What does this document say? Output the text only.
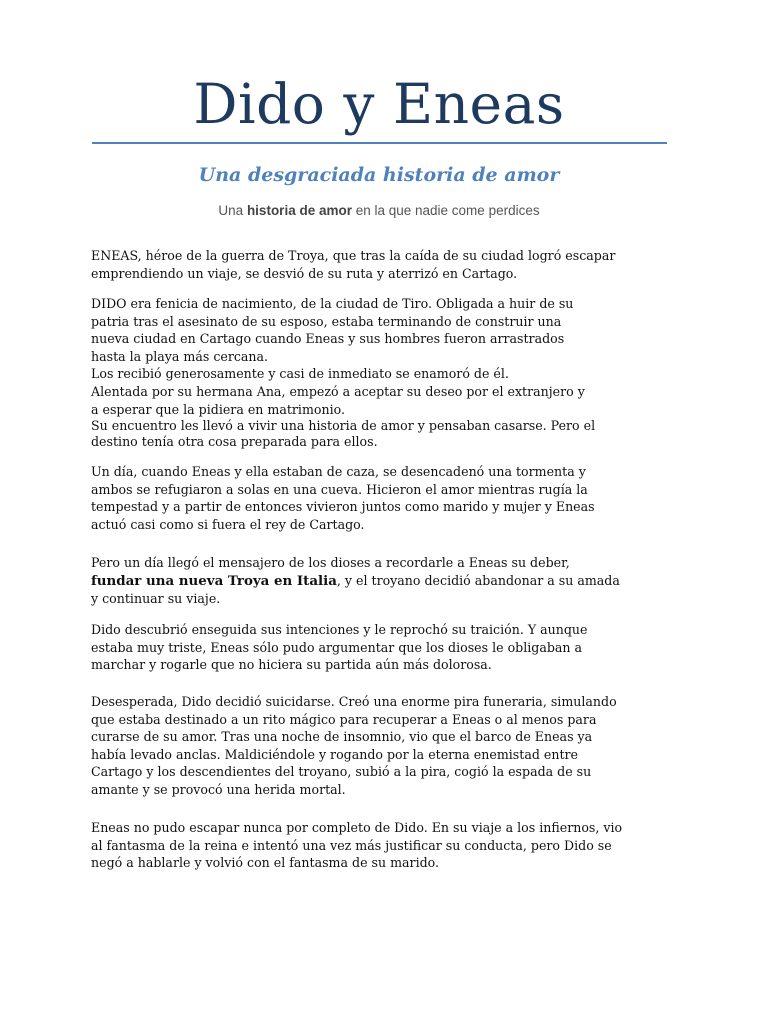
Dido y Eneas
Una desgraciada historia de amor
Una historia de amor en la que nadie come perdices
ENEAS, héroe de la guerra de Troya, que tras la caída de su ciudad logró escapar
emprendiendo un viaje, se desvió de su ruta y aterrizó en Cartago.
DIDO era fenicia de nacimiento, de la ciudad de Tiro. Obligada a huir de su
patria tras el asesinato de su esposo, estaba terminando de construir una
nueva ciudad en Cartago cuando Eneas y sus hombres fueron arrastrados
hasta la playa más cercana.
Los recibió generosamente y casi de inmediato se enamoró de él.
Alentada por su hermana Ana, empezó a aceptar su deseo por el extranjero y
a esperar que la pidiera en matrimonio.
Su encuentro les llevó a vivir una historia de amor y pensaban casarse. Pero el
destino tenía otra cosa preparada para ellos.
Un día, cuando Eneas y ella estaban de caza, se desencadenó una tormenta y
ambos se refugiaron a solas en una cueva. Hicieron el amor mientras rugía la
tempestad y a partir de entonces vivieron juntos como marido y mujer y Eneas
actuó casi como si fuera el rey de Cartago.
Pero un día llegó el mensajero de los dioses a recordarle a Eneas su deber,
fundar una nueva Troya en Italia, y el troyano decidió abandonar a su amada
y continuar su viaje.
Dido descubrió enseguida sus intenciones y le reprochó su traición. Y aunque
estaba muy triste, Eneas sólo pudo argumentar que los dioses le obligaban a
marchar y rogarle que no hiciera su partida aún más dolorosa.
Desesperada, Dido decidió suicidarse. Creó una enorme pira funeraria, simulando
que estaba destinado a un rito mágico para recuperar a Eneas o al menos para
curarse de su amor. Tras una noche de insomnio, vio que el barco de Eneas ya
había levado anclas. Maldiciéndole y rogando por la eterna enemistad entre
Cartago y los descendientes del troyano, subió a la pira, cogió la espada de su
amante y se provocó una herida mortal.
Eneas no pudo escapar nunca por completo de Dido. En su viaje a los infiernos, vio
al fantasma de la reina e intentó una vez más justificar su conducta, pero Dido se
negó a hablarle y volvió con el fantasma de su marido.
